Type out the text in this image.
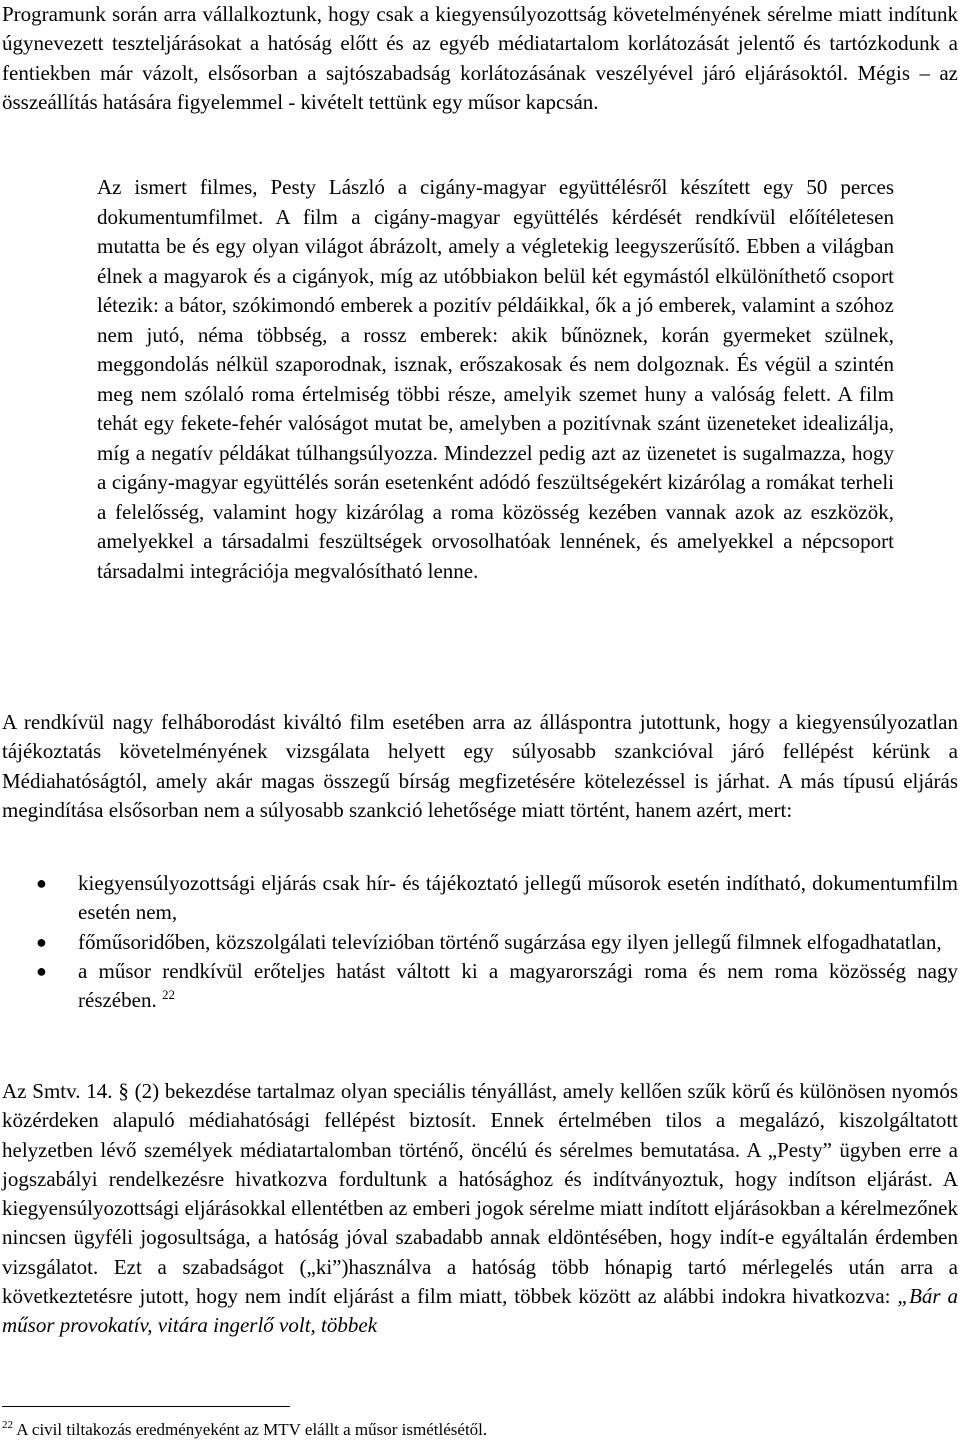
Programunk során arra vállalkoztunk, hogy csak a kiegyensúlyozottság követelményének sérelme miatt indítunk úgynevezett teszteljárásokat a hatóság előtt és az egyéb médiatartalom korlátozását jelentő és tartózkodunk a fentiekben már vázolt, elsősorban a sajtószabadság korlátozásának veszélyével járó eljárásoktól. Mégis – az összeállítás hatására figyelemmel - kivételt tettünk egy műsor kapcsán.

Az ismert filmes, Pesty László a cigány-magyar együttélésről készített egy 50 perces dokumentumfilmet. A film a cigány-magyar együttélés kérdését rendkívül előítéletesen mutatta be és egy olyan világot ábrázolt, amely a végletekig leegyszerűsítő. Ebben a világban élnek a magyarok és a cigányok, míg az utóbbiakon belül két egymástól elkülöníthető csoport létezik: a bátor, szókimondó emberek a pozitív példáikkal, ők a jó emberek, valamint a szóhoz nem jutó, néma többség, a rossz emberek: akik bűnöznek, korán gyermeket szülnek, meggondolás nélkül szaporodnak, isznak, erőszakosak és nem dolgoznak. És végül a szintén meg nem szólaló roma értelmiség többi része, amelyik szemet huny a valóság felett. A film tehát egy fekete-fehér valóságot mutat be, amelyben a pozitívnak szánt üzeneteket idealizálja, míg a negatív példákat túlhangsúlyozza. Mindezzel pedig azt az üzenetet is sugalmazza, hogy a cigány-magyar együttélés során esetenként adódó feszültségekért kizárólag a romákat terheli a felelősség, valamint hogy kizárólag a roma közösség kezében vannak azok az eszközök, amelyekkel a társadalmi feszültségek orvosolhatóak lennének, és amelyekkel a népcsoport társadalmi integrációja megvalósítható lenne.

A rendkívül nagy felháborodást kiváltó film esetében arra az álláspontra jutottunk, hogy a kiegyensúlyozatlan tájékoztatás követelményének vizsgálata helyett egy súlyosabb szankcióval járó fellépést kérünk a Médiahatóságtól, amely akár magas összegű bírság megfizetésére kötelezéssel is járhat. A más típusú eljárás megindítása elsősorban nem a súlyosabb szankció lehetősége miatt történt, hanem azért, mert:

● kiegyensúlyozottsági eljárás csak hír- és tájékoztató jellegű műsorok esetén indítható, dokumentumfilm esetén nem,
● főműsoridőben, közszolgálati televízióban történő sugárzása egy ilyen jellegű filmnek elfogadhatatlan,
● a műsor rendkívül erőteljes hatást váltott ki a magyarországi roma és nem roma közösség nagy részében. $^{22}$

Az Smtv. 14. § (2) bekezdése tartalmaz olyan speciális tényállást, amely kellően szűk körű és különösen nyomós közérdeken alapuló médiahatósági fellépést biztosít. Ennek értelmében tilos a megalázó, kiszolgáltatott helyzetben lévő személyek médiatartalomban történő, öncélú és sérelmes bemutatása. A „Pesty” ügyben erre a jogszabályi rendelkezésre hivatkozva fordultunk a hatósághoz és indítványoztuk, hogy indítson eljárást. A kiegyensúlyozottsági eljárásokkal ellentétben az emberi jogok sérelme miatt indított eljárásokban a kérelmezőnek nincsen ügyféli jogosultsága, a hatóság jóval szabadabb annak eldöntésében, hogy indít-e egyáltalán érdemben vizsgálatot. Ezt a szabadságot („ki”)használva a hatóság több hónapig tartó mérlegelés után arra a következtetésre jutott, hogy nem indít eljárást a film miatt, többek között az alábbi indokra hivatkozva: „Bár a műsor provokatív, vitára ingerlő volt, többek

$^{22}$ A civil tiltakozás eredményeként az MTV elállt a műsor ismétlésétől.
